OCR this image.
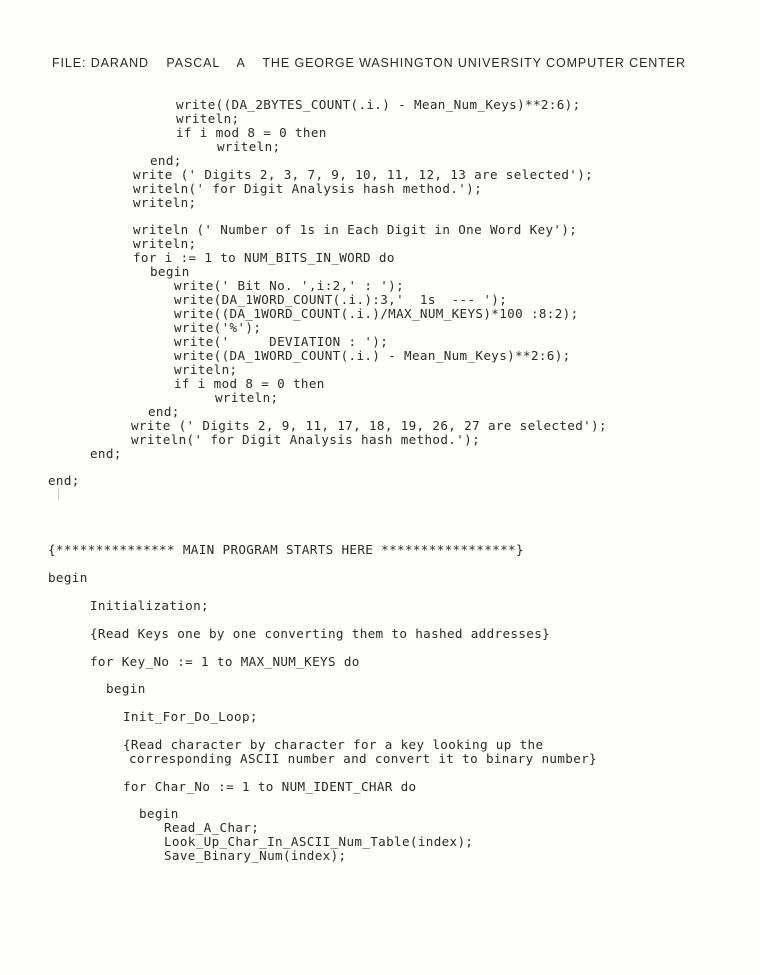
FILE: DARAND    PASCAL    A    THE GEORGE WASHINGTON UNIVERSITY COMPUTER CENTER
write((DA_2BYTES_COUNT(.i.) - Mean_Num_Keys)**2:6);
writeln;
if i mod 8 = 0 then
writeln;
end;
write (' Digits 2, 3, 7, 9, 10, 11, 12, 13 are selected');
writeln(' for Digit Analysis hash method.');
writeln;
writeln (' Number of 1s in Each Digit in One Word Key');
writeln;
for i := 1 to NUM_BITS_IN_WORD do
begin
write(' Bit No. ',i:2,' : ');
write(DA_1WORD_COUNT(.i.):3,'  1s  --- ');
write((DA_1WORD_COUNT(.i.)/MAX_NUM_KEYS)*100 :8:2);
write('%');
write('     DEVIATION : ');
write((DA_1WORD_COUNT(.i.) - Mean_Num_Keys)**2:6);
writeln;
if i mod 8 = 0 then
writeln;
end;
write (' Digits 2, 9, 11, 17, 18, 19, 26, 27 are selected');
writeln(' for Digit Analysis hash method.');
end;
end;
{*************** MAIN PROGRAM STARTS HERE *****************}
begin
Initialization;
{Read Keys one by one converting them to hashed addresses}
for Key_No := 1 to MAX_NUM_KEYS do
begin
Init_For_Do_Loop;
{Read character by character for a key looking up the
corresponding ASCII number and convert it to binary number}
for Char_No := 1 to NUM_IDENT_CHAR do
begin
Read_A_Char;
Look_Up_Char_In_ASCII_Num_Table(index);
Save_Binary_Num(index);
